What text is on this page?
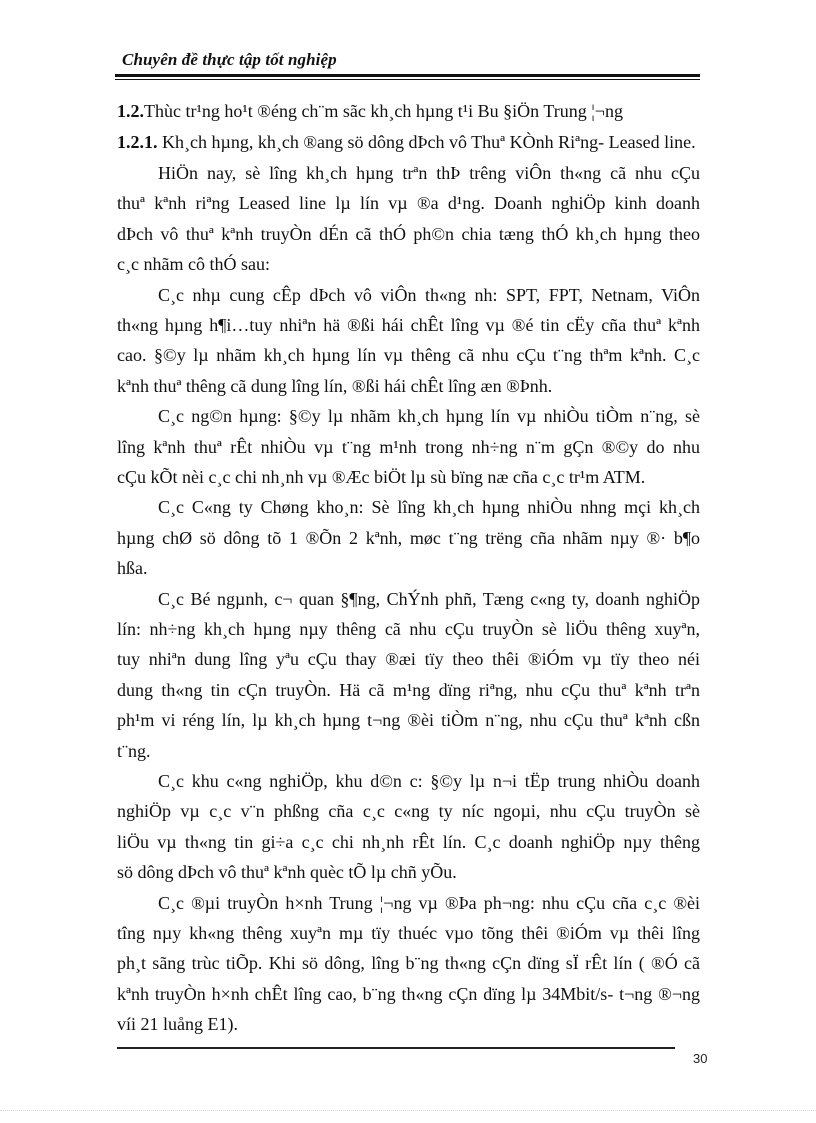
Chuyên đề thực tập tốt nghiệp
1.2.Thùc tr¹ng ho¹t ®éng ch¨m sãc kh¸ch hµng t¹i Bu §iÖn Trung ¦¬ng
1.2.1. Kh¸ch hµng, kh¸ch ®ang sö dông dÞch vô Thuª KÒnh Riªng- Leased line.
HiÖn nay, sè lîng kh¸ch hµng trªn thÞ trêng viÔn th«ng cã nhu cÇu
thuª kªnh riªng Leased line lµ lín vµ ®a d¹ng. Doanh nghiÖp kinh doanh
dÞch vô thuª kªnh truyÒn dÉn cã thÓ ph©n chia tæng thÓ kh¸ch hµng theo
c¸c nhãm cô thÓ sau:
C¸c nhµ cung cÊp dÞch vô viÔn th«ng nh: SPT, FPT, Netnam, ViÔn
th«ng hµng h¶i…tuy nhiªn hä ®ßi hái chÊt lîng vµ ®é tin cËy cña thuª kªnh
cao. §©y lµ nhãm kh¸ch hµng lín vµ thêng cã nhu cÇu t¨ng thªm kªnh. C¸c
kªnh thuª thêng cã dung lîng lín, ®ßi hái chÊt lîng æn ®Þnh.
C¸c ng©n hµng: §©y lµ nhãm kh¸ch hµng lín vµ nhiÒu tiÒm n¨ng, sè
lîng kªnh thuª rÊt nhiÒu vµ t¨ng m¹nh trong nh÷ng n¨m gÇn ®©y do nhu
cÇu kÕt nèi c¸c chi nh¸nh vµ ®Æc biÖt lµ sù bïng næ cña c¸c tr¹m ATM.
C¸c C«ng ty Chøng kho¸n: Sè lîng kh¸ch hµng nhiÒu nhng mçi kh¸ch
hµng chØ sö dông tõ 1 ®Õn 2 kªnh, møc t¨ng trëng cña nhãm nµy ®· b¶o
hßa.
C¸c Bé ngµnh, c¬ quan §¶ng, ChÝnh phñ, Tæng c«ng ty, doanh nghiÖp
lín: nh÷ng kh¸ch hµng nµy thêng cã nhu cÇu truyÒn sè liÖu thêng xuyªn,
tuy nhiªn dung lîng yªu cÇu thay ®æi tïy theo thêi ®iÓm vµ tïy theo néi
dung th«ng tin cÇn truyÒn. Hä cã m¹ng dïng riªng, nhu cÇu thuª kªnh trªn
ph¹m vi réng lín, lµ kh¸ch hµng t¬ng ®èi tiÒm n¨ng, nhu cÇu thuª kªnh cßn
t¨ng.
C¸c khu c«ng nghiÖp, khu d©n c: §©y lµ n¬i tËp trung nhiÒu doanh
nghiÖp vµ c¸c v¨n phßng cña c¸c c«ng ty níc ngoµi, nhu cÇu truyÒn sè
liÖu vµ th«ng tin gi÷a c¸c chi nh¸nh rÊt lín. C¸c doanh nghiÖp nµy thêng
sö dông dÞch vô thuª kªnh quèc tÕ lµ chñ yÕu.
C¸c ®µi truyÒn h×nh Trung ¦¬ng vµ ®Þa ph¬ng: nhu cÇu cña c¸c ®èi
tîng nµy kh«ng thêng xuyªn mµ tïy thuéc vµo tõng thêi ®iÓm vµ thêi lîng
ph¸t sãng trùc tiÕp. Khi sö dông, lîng b¨ng th«ng cÇn dïng sÏ rÊt lín ( ®Ó cã
kªnh truyÒn h×nh chÊt lîng cao, b¨ng th«ng cÇn dïng lµ 34Mbit/s- t¬ng ®¬ng
30
víi 21 luång E1).
